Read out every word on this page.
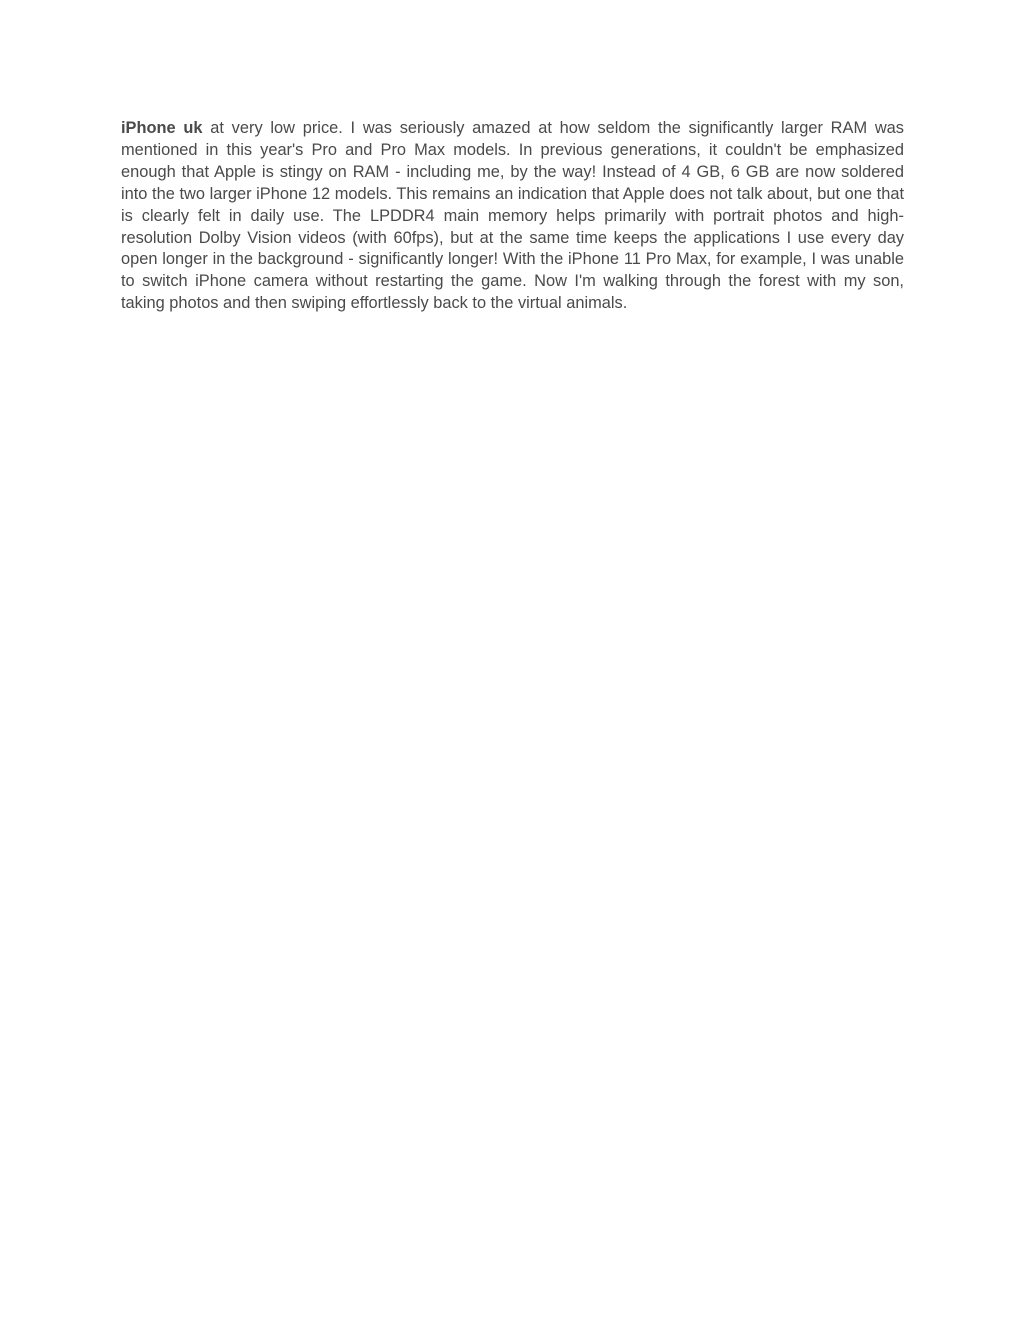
iPhone uk at very low price. I was seriously amazed at how seldom the significantly larger RAM was mentioned in this year's Pro and Pro Max models. In previous generations, it couldn't be emphasized enough that Apple is stingy on RAM - including me, by the way! Instead of 4 GB, 6 GB are now soldered into the two larger iPhone 12 models. This remains an indication that Apple does not talk about, but one that is clearly felt in daily use. The LPDDR4 main memory helps primarily with portrait photos and high-resolution Dolby Vision videos (with 60fps), but at the same time keeps the applications I use every day open longer in the background - significantly longer! With the iPhone 11 Pro Max, for example, I was unable to switch iPhone camera without restarting the game. Now I'm walking through the forest with my son, taking photos and then swiping effortlessly back to the virtual animals.
